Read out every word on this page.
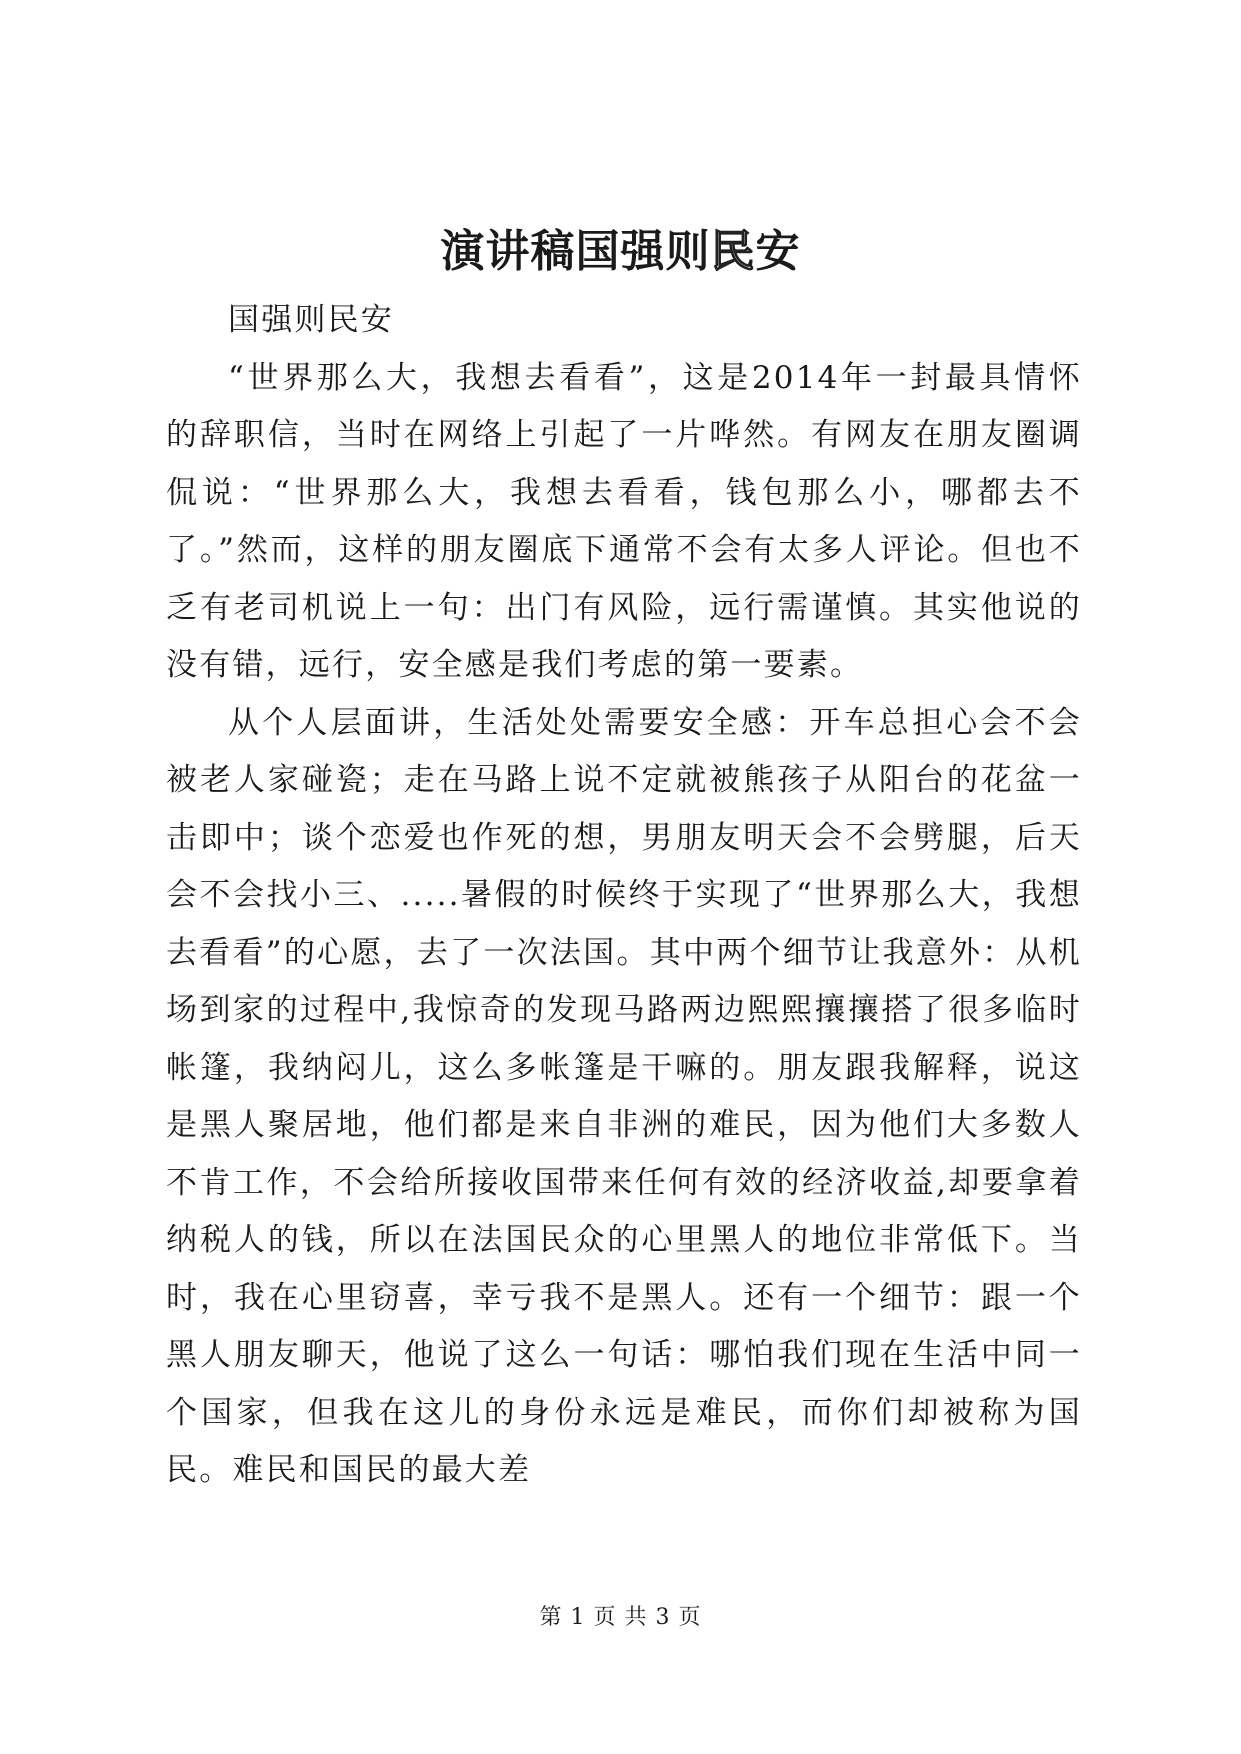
演讲稿国强则民安

国强则民安

“世界那么大，我想去看看”，这是2014年一封最具情怀的辞职信，当时在网络上引起了一片哗然。有网友在朋友圈调侃说：“世界那么大，我想去看看，钱包那么小，哪都去不了。”然而，这样的朋友圈底下通常不会有太多人评论。但也不乏有老司机说上一句：出门有风险，远行需谨慎。其实他说的没有错，远行，安全感是我们考虑的第一要素。

从个人层面讲，生活处处需要安全感：开车总担心会不会被老人家碰瓷；走在马路上说不定就被熊孩子从阳台的花盆一击即中；谈个恋爱也作死的想，男朋友明天会不会劈腿，后天会不会找小三、.....暑假的时候终于实现了“世界那么大，我想去看看”的心愿，去了一次法国。其中两个细节让我意外：从机场到家的过程中,我惊奇的发现马路两边熙熙攘攘搭了很多临时帐篷，我纳闷儿，这么多帐篷是干嘛的。朋友跟我解释，说这是黑人聚居地，他们都是来自非洲的难民，因为他们大多数人不肯工作，不会给所接收国带来任何有效的经济收益,却要拿着纳税人的钱，所以在法国民众的心里黑人的地位非常低下。当时，我在心里窃喜，幸亏我不是黑人。还有一个细节：跟一个黑人朋友聊天，他说了这么一句话：哪怕我们现在生活中同一个国家，但我在这儿的身份永远是难民，而你们却被称为国民。难民和国民的最大差

第 1 页 共 3 页
